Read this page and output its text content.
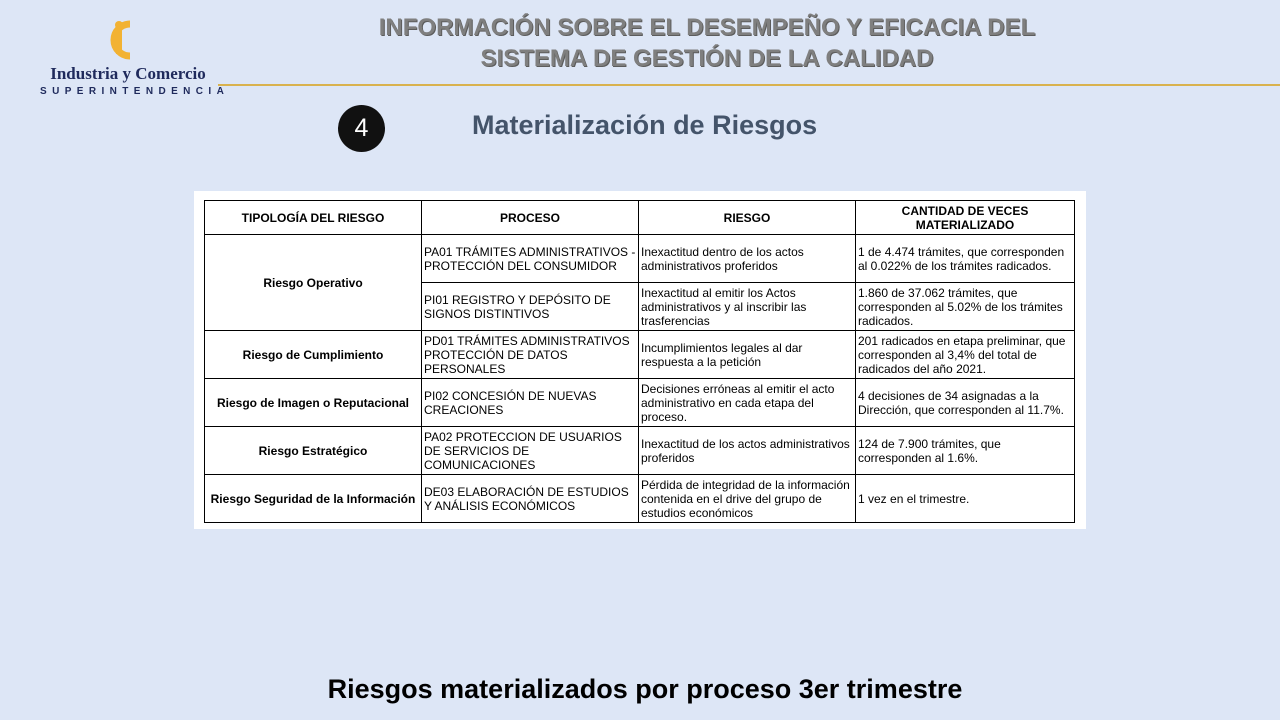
Industria y Comercio
SUPERINTENDENCIA
INFORMACIÓN SOBRE EL DESEMPEÑO Y EFICACIA DEL
SISTEMA DE GESTIÓN DE LA CALIDAD
4	Materialización de Riesgos
TIPOLOGÍA DEL RIESGO	PROCESO	RIESGO	CANTIDAD DE VECES MATERIALIZADO
Riesgo Operativo	PA01 TRÁMITES ADMINISTRATIVOS - PROTECCIÓN DEL CONSUMIDOR	Inexactitud dentro de los actos administrativos proferidos	1 de 4.474 trámites, que corresponden al 0.022% de los trámites radicados.
	PI01 REGISTRO Y DEPÓSITO DE SIGNOS DISTINTIVOS	Inexactitud al emitir los Actos administrativos y al inscribir las trasferencias	1.860 de 37.062 trámites, que corresponden al 5.02% de los trámites radicados.
Riesgo de Cumplimiento	PD01 TRÁMITES ADMINISTRATIVOS PROTECCIÓN DE DATOS PERSONALES	Incumplimientos legales al dar respuesta a la petición	201 radicados en etapa preliminar, que corresponden al 3,4% del total de radicados del año 2021.
Riesgo de Imagen o Reputacional	PI02 CONCESIÓN DE NUEVAS CREACIONES	Decisiones erróneas al emitir el acto administrativo en cada etapa del proceso.	4 decisiones de 34 asignadas a la Dirección, que corresponden al 11.7%.
Riesgo Estratégico	PA02 PROTECCION DE USUARIOS DE SERVICIOS DE COMUNICACIONES	Inexactitud de los actos administrativos proferidos	124 de 7.900 trámites, que corresponden al 1.6%.
Riesgo Seguridad de la Información	DE03 ELABORACIÓN DE ESTUDIOS Y ANÁLISIS ECONÓMICOS	Pérdida de integridad de la información contenida en el drive del grupo de estudios económicos	1 vez en el trimestre.
Riesgos materializados por proceso 3er trimestre
